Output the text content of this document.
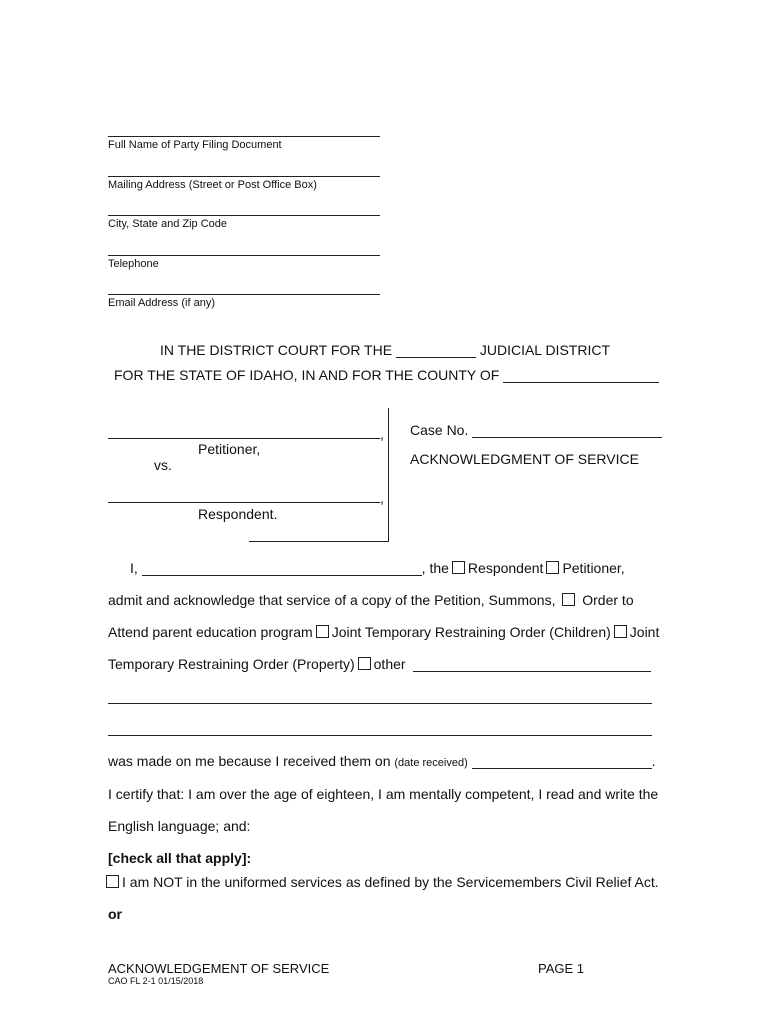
Full Name of Party Filing Document
Mailing Address (Street or Post Office Box)
City, State and Zip Code
Telephone
Email Address (if any)
IN THE DISTRICT COURT FOR THE	JUDICIAL DISTRICT
FOR THE STATE OF IDAHO, IN AND FOR THE COUNTY OF
,
Petitioner,
vs.
,
Respondent.
Case No.
ACKNOWLEDGMENT OF SERVICE
I,	, the Respondent Petitioner,
admit and acknowledge that service of a copy of the Petition, Summons, Order to
Attend parent education program Joint Temporary Restraining Order (Children) Joint
Temporary Restraining Order (Property) other
was made on me because I received them on (date received)	.
I certify that: I am over the age of eighteen, I am mentally competent, I read and write the
English language; and:
[check all that apply]:
I am NOT in the uniformed services as defined by the Servicemembers Civil Relief Act.
or
ACKNOWLEDGEMENT OF SERVICE	PAGE 1
CAO FL 2-1 01/15/2018
